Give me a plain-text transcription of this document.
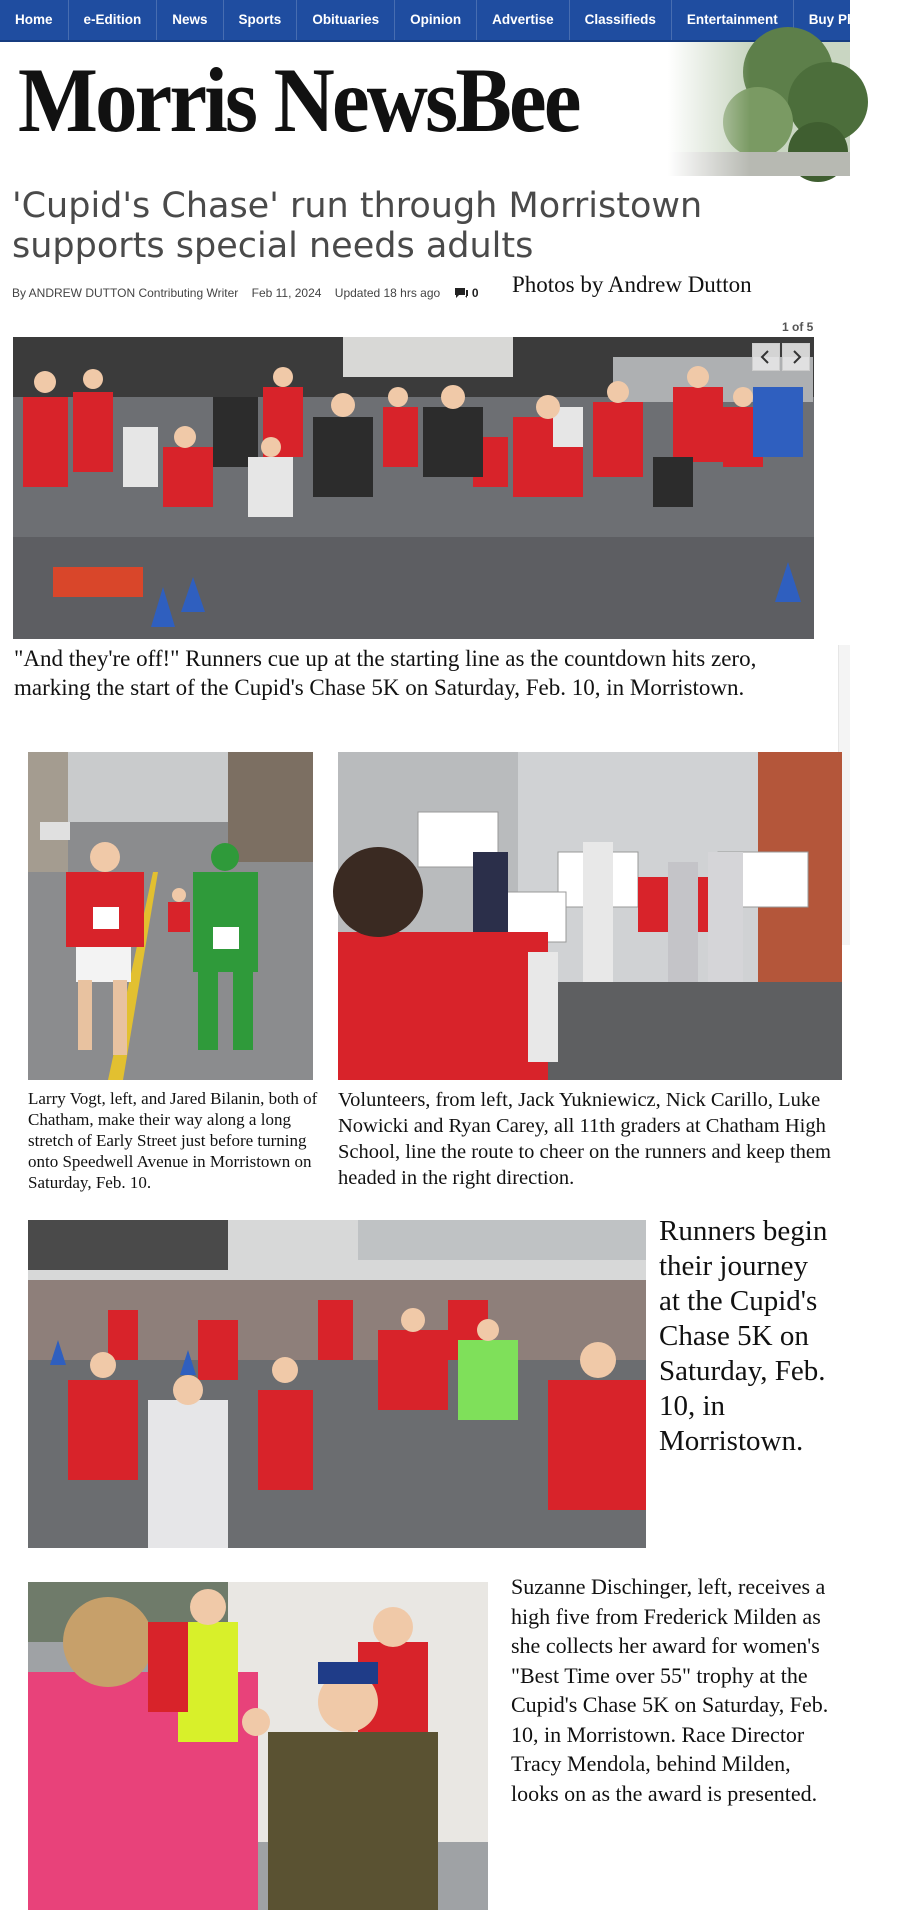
Home	e-Edition	News	Sports	Obituaries	Opinion	Advertise	Classifieds	Entertainment	Buy Photos
Morris NewsBee
'Cupid's Chase' run through Morristown supports special needs adults
By ANDREW DUTTON Contributing Writer Feb 11, 2024 Updated 18 hrs ago	0	Photos by Andrew Dutton
1 of 5

"And they're off!" Runners cue up at the starting line as the countdown hits zero, marking the start of the Cupid's Chase 5K on Saturday, Feb. 10, in Morristown.

Larry Vogt, left, and Jared Bilanin, both of Chatham, make their way along a long stretch of Early Street just before turning onto Speedwell Avenue in Morristown on Saturday, Feb. 10.

Volunteers, from left, Jack Yukniewicz, Nick Carillo, Luke Nowicki and Ryan Carey, all 11th graders at Chatham High School, line the route to cheer on the runners and keep them headed in the right direction.

Runners begin their journey at the Cupid's Chase 5K on Saturday, Feb. 10, in Morristown.

Suzanne Dischinger, left, receives a high five from Frederick Milden as she collects her award for women's "Best Time over 55" trophy at the Cupid's Chase 5K on Saturday, Feb. 10, in Morristown. Race Director Tracy Mendola, behind Milden, looks on as the award is presented.
